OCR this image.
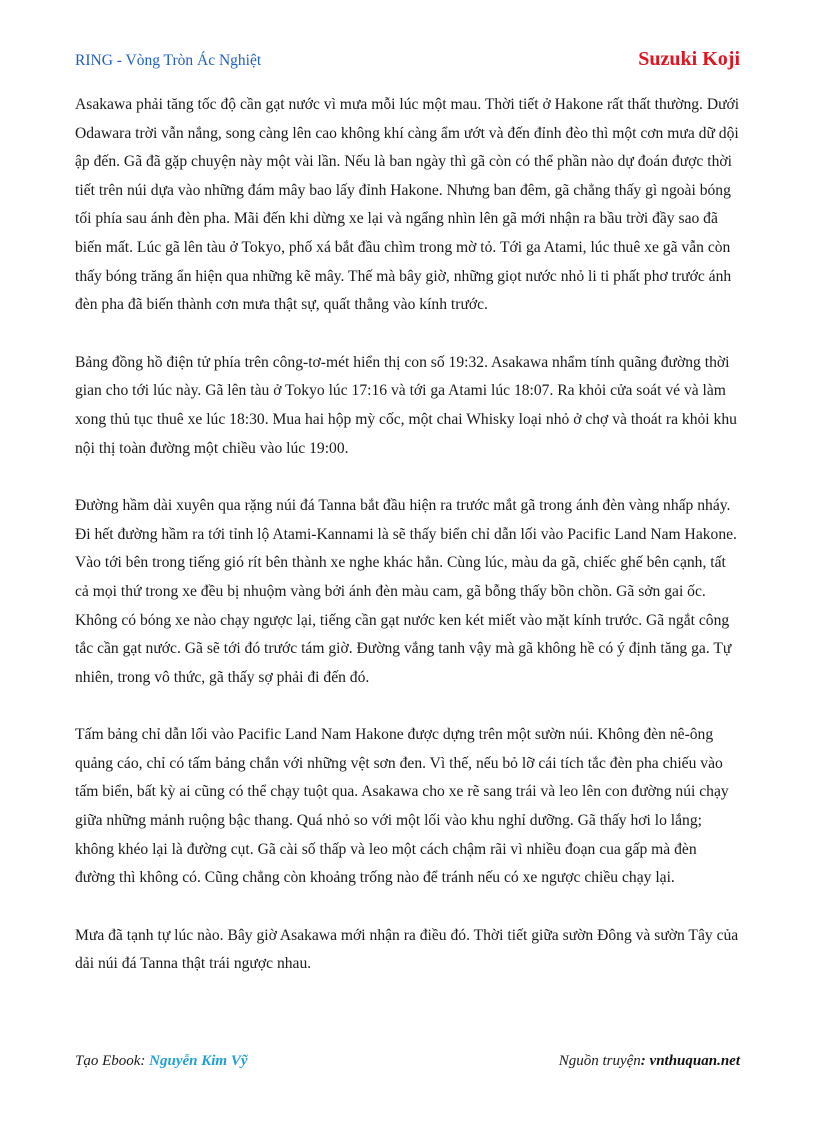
RING - Vòng Tròn Ác Nghiệt	Suzuki Koji

Asakawa phải tăng tốc độ cần gạt nước vì mưa mỗi lúc một mau. Thời tiết ở Hakone rất thất thường. Dưới Odawara trời vẫn nắng, song càng lên cao không khí càng ẩm ướt và đến đỉnh đèo thì một cơn mưa dữ dội ập đến. Gã đã gặp chuyện này một vài lần. Nếu là ban ngày thì gã còn có thể phần nào dự đoán được thời tiết trên núi dựa vào những đám mây bao lấy đỉnh Hakone. Nhưng ban đêm, gã chẳng thấy gì ngoài bóng tối phía sau ánh đèn pha. Mãi đến khi dừng xe lại và ngẩng nhìn lên gã mới nhận ra bầu trời đầy sao đã biến mất. Lúc gã lên tàu ở Tokyo, phố xá bắt đầu chìm trong mờ tỏ. Tới ga Atami, lúc thuê xe gã vẫn còn thấy bóng trăng ẩn hiện qua những kẽ mây. Thế mà bây giờ, những giọt nước nhỏ li ti phất phơ trước ánh đèn pha đã biến thành cơn mưa thật sự, quất thẳng vào kính trước.

Bảng đồng hồ điện tử phía trên công-tơ-mét hiển thị con số 19:32. Asakawa nhẩm tính quãng đường thời gian cho tới lúc này. Gã lên tàu ở Tokyo lúc 17:16 và tới ga Atami lúc 18:07. Ra khỏi cửa soát vé và làm xong thủ tục thuê xe lúc 18:30. Mua hai hộp mỳ cốc, một chai Whisky loại nhỏ ở chợ và thoát ra khỏi khu nội thị toàn đường một chiều vào lúc 19:00.

Đường hầm dài xuyên qua rặng núi đá Tanna bắt đầu hiện ra trước mắt gã trong ánh đèn vàng nhấp nháy. Đi hết đường hầm ra tới tỉnh lộ Atami-Kannami là sẽ thấy biển chỉ dẫn lối vào Pacific Land Nam Hakone. Vào tới bên trong tiếng gió rít bên thành xe nghe khác hẳn. Cùng lúc, màu da gã, chiếc ghế bên cạnh, tất cả mọi thứ trong xe đều bị nhuộm vàng bởi ánh đèn màu cam, gã bỗng thấy bồn chồn. Gã sởn gai ốc. Không có bóng xe nào chạy ngược lại, tiếng cần gạt nước ken két miết vào mặt kính trước. Gã ngắt công tắc cần gạt nước. Gã sẽ tới đó trước tám giờ. Đường vắng tanh vậy mà gã không hề có ý định tăng ga. Tự nhiên, trong vô thức, gã thấy sợ phải đi đến đó.

Tấm bảng chỉ dẫn lối vào Pacific Land Nam Hakone được dựng trên một sườn núi. Không đèn nê-ông quảng cáo, chỉ có tấm bảng chắn với những vệt sơn đen. Vì thế, nếu bỏ lỡ cái tích tắc đèn pha chiếu vào tấm biển, bất kỳ ai cũng có thể chạy tuột qua. Asakawa cho xe rẽ sang trái và leo lên con đường núi chạy giữa những mảnh ruộng bậc thang. Quá nhỏ so với một lối vào khu nghỉ dưỡng. Gã thấy hơi lo lắng; không khéo lại là đường cụt. Gã cài số thấp và leo một cách chậm rãi vì nhiều đoạn cua gấp mà đèn đường thì không có. Cũng chẳng còn khoảng trống nào để tránh nếu có xe ngược chiều chạy lại.

Mưa đã tạnh tự lúc nào. Bây giờ Asakawa mới nhận ra điều đó. Thời tiết giữa sườn Đông và sườn Tây của dải núi đá Tanna thật trái ngược nhau.

Tạo Ebook: Nguyễn Kim Vỹ	Nguồn truyện: vnthuquan.net
